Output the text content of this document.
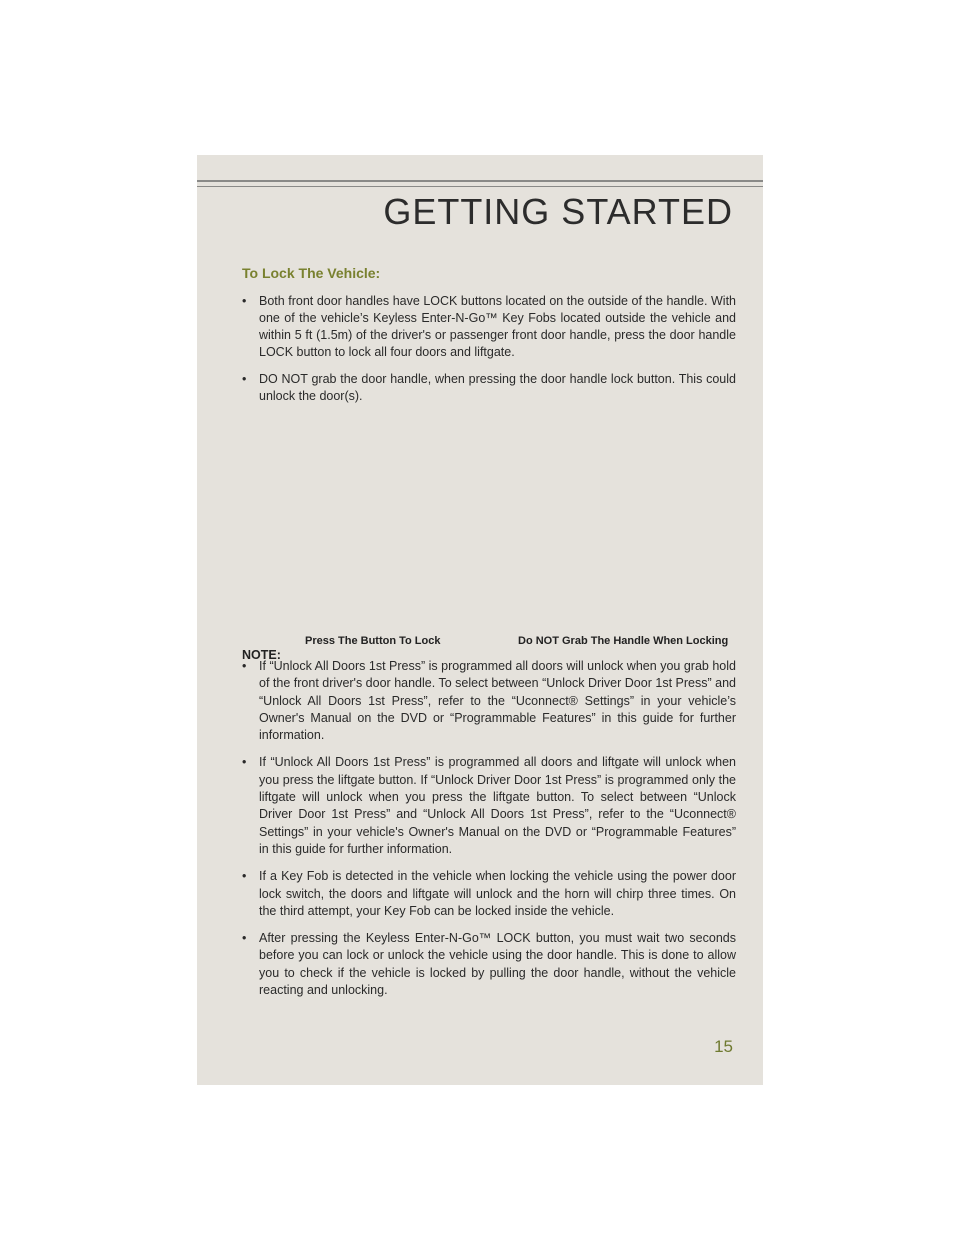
GETTING STARTED
To Lock The Vehicle:
• Both front door handles have LOCK buttons located on the outside of the handle. With one of the vehicle’s Keyless Enter-N-Go™ Key Fobs located outside the vehicle and within 5 ft (1.5m) of the driver's or passenger front door handle, press the door handle LOCK button to lock all four doors and liftgate.
• DO NOT grab the door handle, when pressing the door handle lock button. This could unlock the door(s).

Press The Button To Lock	Do NOT Grab The Handle When Locking

NOTE:

• If “Unlock All Doors 1st Press” is programmed all doors will unlock when you grab hold of the front driver's door handle. To select between “Unlock Driver Door 1st Press” and “Unlock All Doors 1st Press”, refer to the “Uconnect® Settings” in your vehicle’s Owner's Manual on the DVD or “Programmable Features” in this guide for further information.
• If “Unlock All Doors 1st Press” is programmed all doors and liftgate will unlock when you press the liftgate button. If “Unlock Driver Door 1st Press” is programmed only the liftgate will unlock when you press the liftgate button. To select between “Unlock Driver Door 1st Press” and “Unlock All Doors 1st Press”, refer to the “Uconnect® Settings” in your vehicle's Owner's Manual on the DVD or “Programmable Features” in this guide for further information.
• If a Key Fob is detected in the vehicle when locking the vehicle using the power door lock switch, the doors and liftgate will unlock and the horn will chirp three times. On the third attempt, your Key Fob can be locked inside the vehicle.
• After pressing the Keyless Enter-N-Go™ LOCK button, you must wait two seconds before you can lock or unlock the vehicle using the door handle. This is done to allow you to check if the vehicle is locked by pulling the door handle, without the vehicle reacting and unlocking.

15
